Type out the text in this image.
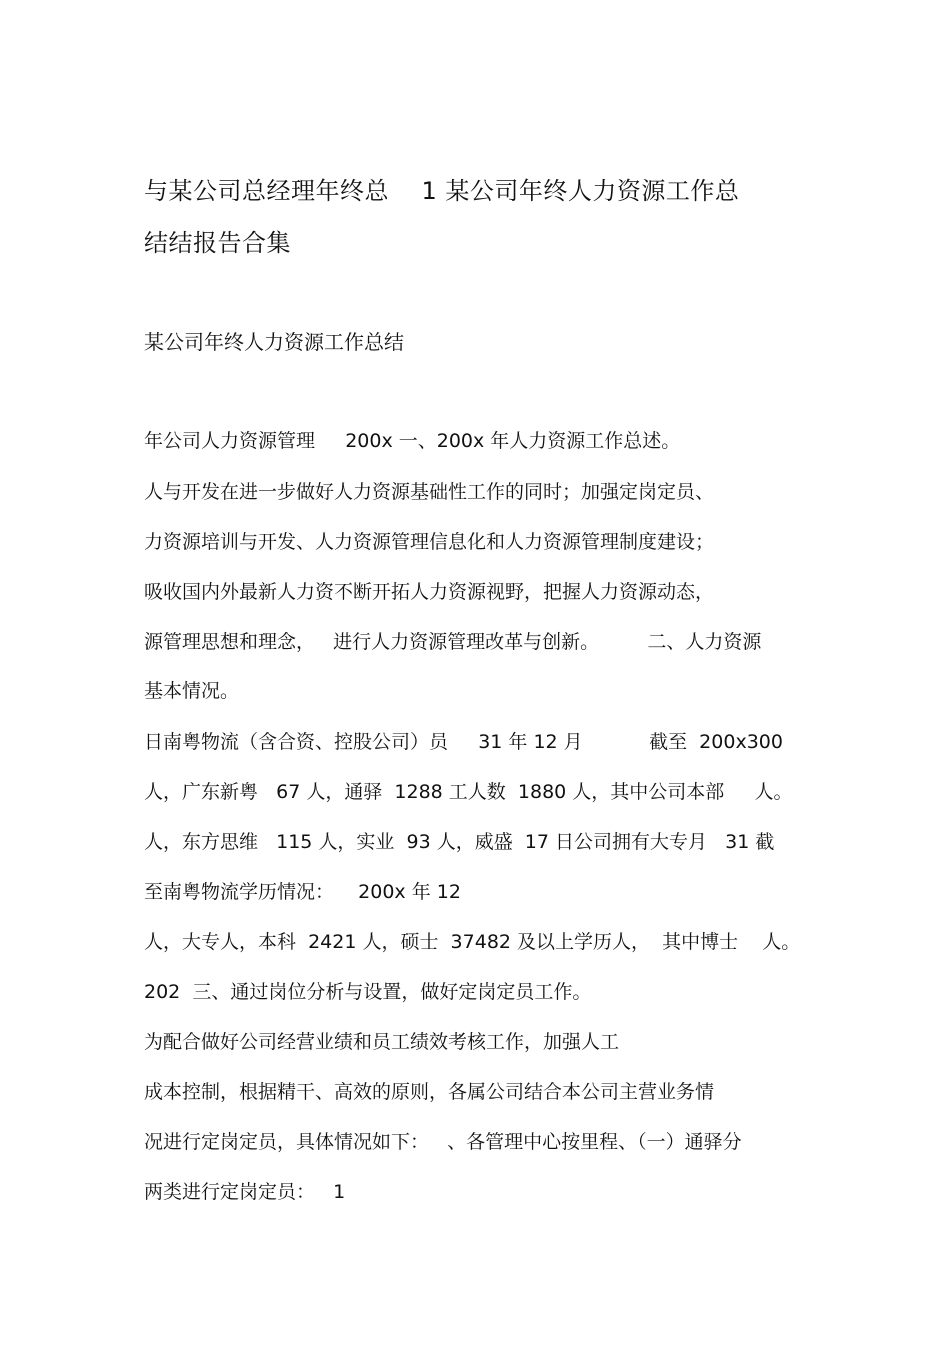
与某公司总经理年终总    1 某公司年终人力资源工作总
结结报告合集
某公司年终人力资源工作总结
年公司人力资源管理     200x 一、200x 年人力资源工作总述。
人与开发在进一步做好人力资源基础性工作的同时；加强定岗定员、
力资源培训与开发、人力资源管理信息化和人力资源管理制度建设；
吸收国内外最新人力资不断开拓人力资源视野，把握人力资源动态，
源管理思想和理念，   进行人力资源管理改革与创新。        二、人力资源
基本情况。
日南粤物流（含合资、控股公司）员     31 年 12 月           截至  200x300
人，广东新粤   67 人，通驿  1288 工人数  1880 人，其中公司本部     人。
人，东方思维   115 人，实业  93 人，威盛  17 日公司拥有大专月   31 截
至南粤物流学历情况：    200x 年 12
人，大专人，本科  2421 人，硕士  37482 及以上学历人，  其中博士    人。
202  三、通过岗位分析与设置，做好定岗定员工作。
为配合做好公司经营业绩和员工绩效考核工作，加强人工
成本控制，根据精干、高效的原则，各属公司结合本公司主营业务情
况进行定岗定员，具体情况如下：   、各管理中心按里程、（一）通驿分
两类进行定岗定员：   1
